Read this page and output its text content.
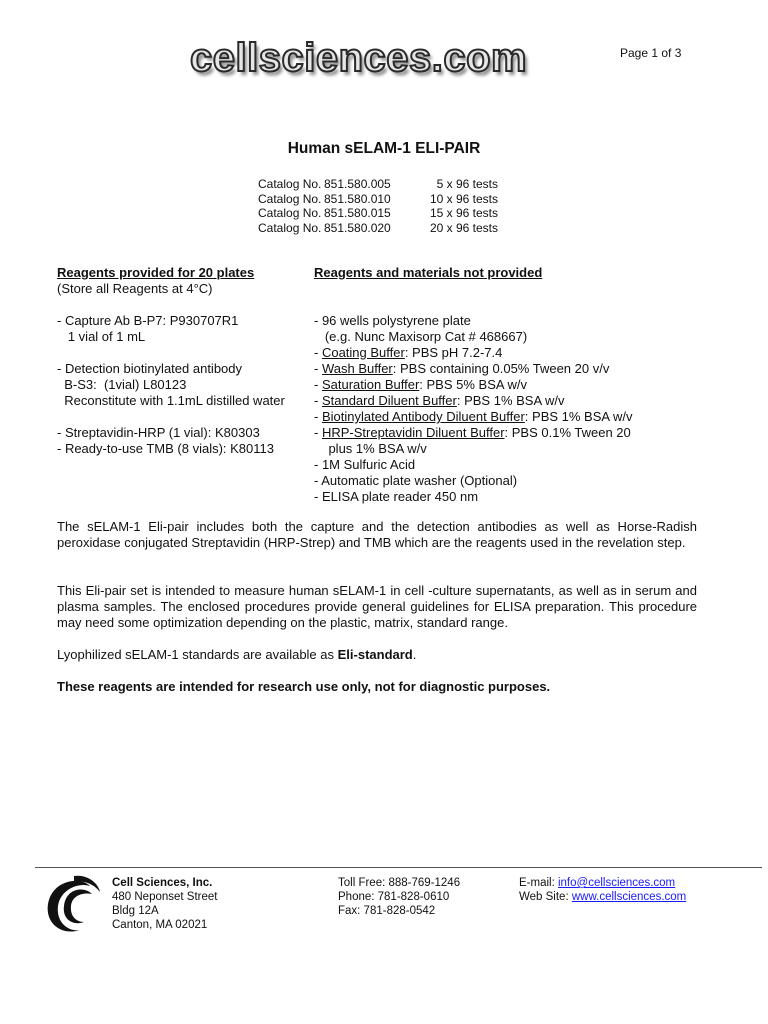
cellsciences.com	Page 1 of 3
Human sELAM-1 ELI-PAIR
Catalog No. 851.580.005	5 x 96 tests
Catalog No. 851.580.010	10 x 96 tests
Catalog No. 851.580.015	15 x 96 tests
Catalog No. 851.580.020	20 x 96 tests

Reagents provided for 20 plates

(Store all Reagents at 4°C)

- Capture Ab B-P7: P930707R1

1 vial of 1 mL

- Detection biotinylated antibody

B-S3:  (1vial) L80123

Reconstitute with 1.1mL distilled water

- Streptavidin-HRP (1 vial): K80303

- Ready-to-use TMB (8 vials): K80113

Reagents and materials not provided

- 96 wells polystyrene plate

(e.g. Nunc Maxisorp Cat # 468667)

- Coating Buffer: PBS pH 7.2-7.4

- Wash Buffer: PBS containing 0.05% Tween 20 v/v

- Saturation Buffer: PBS 5% BSA w/v

- Standard Diluent Buffer: PBS 1% BSA w/v

- Biotinylated Antibody Diluent Buffer: PBS 1% BSA w/v

- HRP-Streptavidin Diluent Buffer: PBS 0.1% Tween 20

plus 1% BSA w/v

- 1M Sulfuric Acid

- Automatic plate washer (Optional)

- ELISA plate reader 450 nm

The sELAM-1 Eli-pair includes both the capture and the detection antibodies as well as Horse-Radish peroxidase conjugated Streptavidin (HRP-Strep) and TMB which are the reagents used in the revelation step.

This Eli-pair set is intended to measure human sELAM-1 in cell -culture supernatants, as well as in serum and plasma samples. The enclosed procedures provide general guidelines for ELISA preparation. This procedure may need some optimization depending on the plastic, matrix, standard range.

Lyophilized sELAM-1 standards are available as Eli-standard.

These reagents are intended for research use only, not for diagnostic purposes.

Cell Sciences, Inc.

480 Neponset Street

Bldg 12A

Canton, MA 02021

Toll Free: 888-769-1246

Phone: 781-828-0610

Fax: 781-828-0542

E-mail: info@cellsciences.com

Web Site: www.cellsciences.com
